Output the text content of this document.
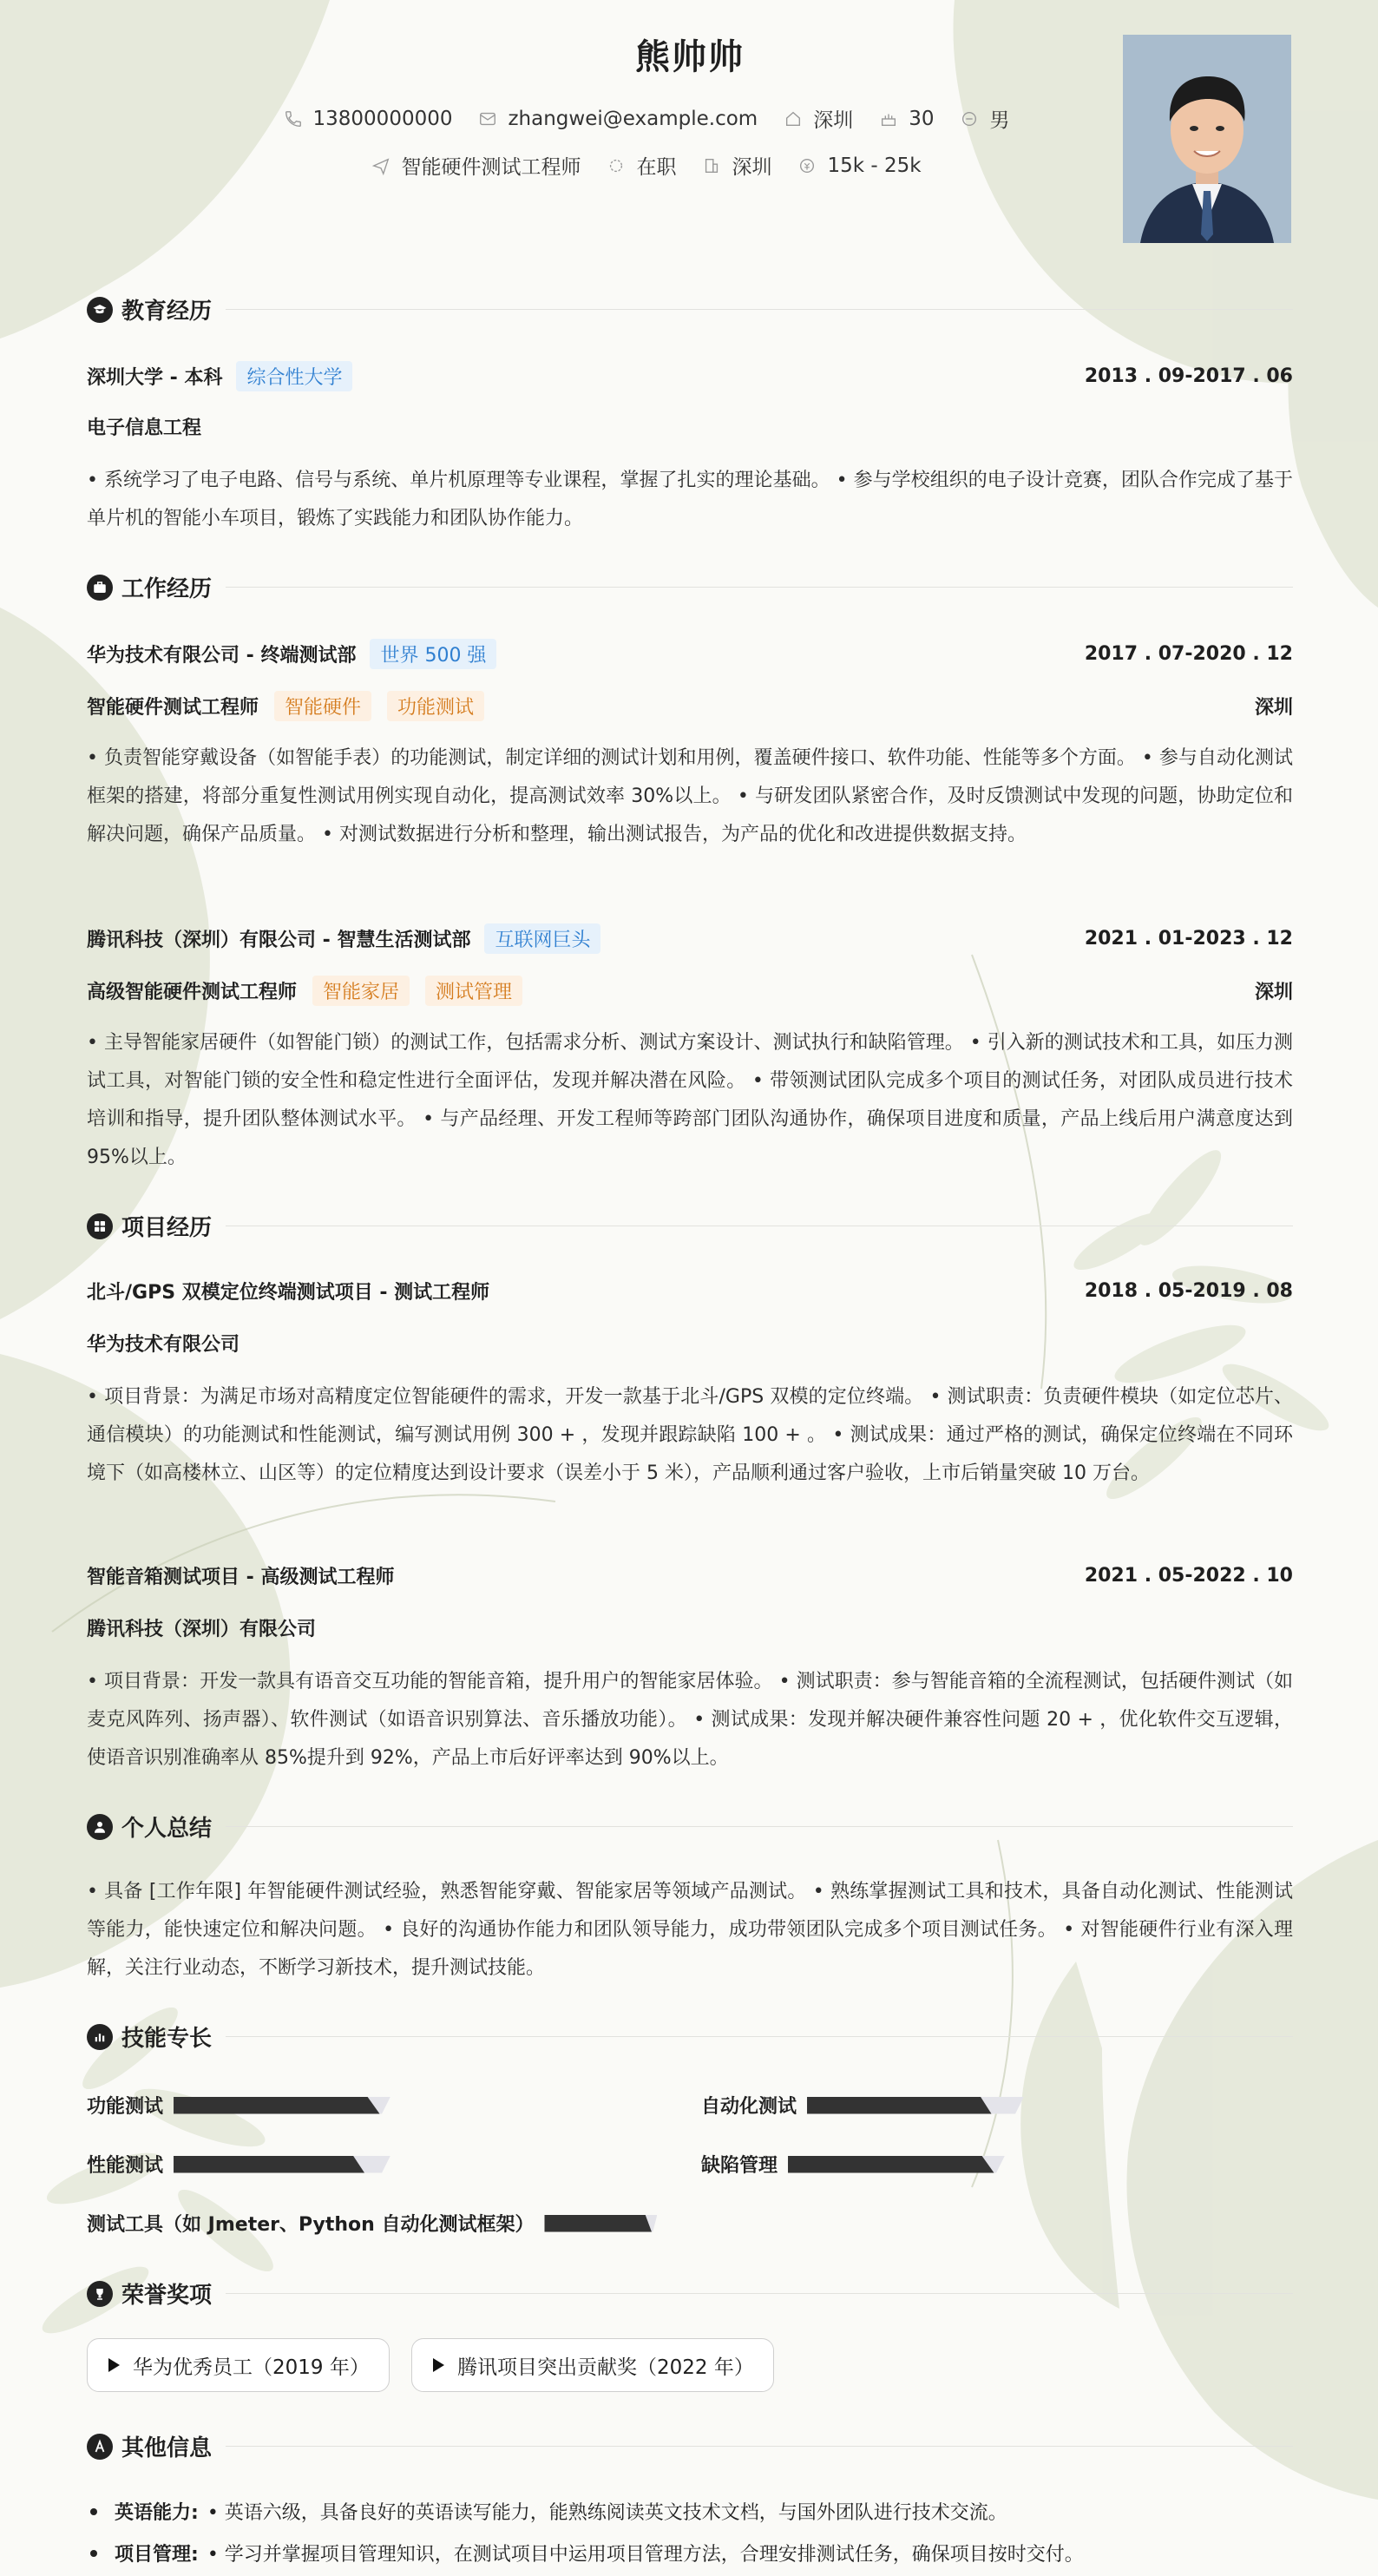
熊帅帅
13800000000	zhangwei@example.com	深圳	30	男
智能硬件测试工程师	在职	深圳	15k - 25k
教育经历
深圳大学 - 本科	综合性大学	2013 . 09-2017 . 06
电子信息工程
• 系统学习了电子电路、信号与系统、单片机原理等专业课程，掌握了扎实的理论基础。 • 参与学校组织的电子设计竞赛，团队合作完成了基于单片机的智能小车项目，锻炼了实践能力和团队协作能力。
工作经历
华为技术有限公司 - 终端测试部	世界 500 强	2017 . 07-2020 . 12
智能硬件测试工程师	智能硬件	功能测试	深圳
• 负责智能穿戴设备（如智能手表）的功能测试，制定详细的测试计划和用例，覆盖硬件接口、软件功能、性能等多个方面。 • 参与自动化测试框架的搭建，将部分重复性测试用例实现自动化，提高测试效率 30%以上。 • 与研发团队紧密合作，及时反馈测试中发现的问题，协助定位和解决问题，确保产品质量。 • 对测试数据进行分析和整理，输出测试报告，为产品的优化和改进提供数据支持。
腾讯科技（深圳）有限公司 - 智慧生活测试部	互联网巨头	2021 . 01-2023 . 12
高级智能硬件测试工程师	智能家居	测试管理	深圳
• 主导智能家居硬件（如智能门锁）的测试工作，包括需求分析、测试方案设计、测试执行和缺陷管理。 • 引入新的测试技术和工具，如压力测试工具，对智能门锁的安全性和稳定性进行全面评估，发现并解决潜在风险。 • 带领测试团队完成多个项目的测试任务，对团队成员进行技术培训和指导，提升团队整体测试水平。 • 与产品经理、开发工程师等跨部门团队沟通协作，确保项目进度和质量，产品上线后用户满意度达到 95%以上。
项目经历
北斗/GPS 双模定位终端测试项目 - 测试工程师	2018 . 05-2019 . 08
华为技术有限公司
• 项目背景：为满足市场对高精度定位智能硬件的需求，开发一款基于北斗/GPS 双模的定位终端。 • 测试职责：负责硬件模块（如定位芯片、通信模块）的功能测试和性能测试，编写测试用例 300 + ，发现并跟踪缺陷 100 + 。 • 测试成果：通过严格的测试，确保定位终端在不同环境下（如高楼林立、山区等）的定位精度达到设计要求（误差小于 5 米），产品顺利通过客户验收，上市后销量突破 10 万台。
智能音箱测试项目 - 高级测试工程师	2021 . 05-2022 . 10
腾讯科技（深圳）有限公司
• 项目背景：开发一款具有语音交互功能的智能音箱，提升用户的智能家居体验。 • 测试职责：参与智能音箱的全流程测试，包括硬件测试（如麦克风阵列、扬声器）、软件测试（如语音识别算法、音乐播放功能）。 • 测试成果：发现并解决硬件兼容性问题 20 + ，优化软件交互逻辑，使语音识别准确率从 85%提升到 92%，产品上市后好评率达到 90%以上。
个人总结
• 具备 [工作年限] 年智能硬件测试经验，熟悉智能穿戴、智能家居等领域产品测试。 • 熟练掌握测试工具和技术，具备自动化测试、性能测试等能力，能快速定位和解决问题。 • 良好的沟通协作能力和团队领导能力，成功带领团队完成多个项目测试任务。 • 对智能硬件行业有深入理解，关注行业动态，不断学习新技术，提升测试技能。
技能专长
功能测试	自动化测试
性能测试	缺陷管理
测试工具（如 Jmeter、Python 自动化测试框架）
荣誉奖项
华为优秀员工（2019 年）	腾讯项目突出贡献奖（2022 年）
其他信息
英语能力: • 英语六级，具备良好的英语读写能力，能熟练阅读英文技术文档，与国外团队进行技术交流。
项目管理: • 学习并掌握项目管理知识，在测试项目中运用项目管理方法，合理安排测试任务，确保项目按时交付。
